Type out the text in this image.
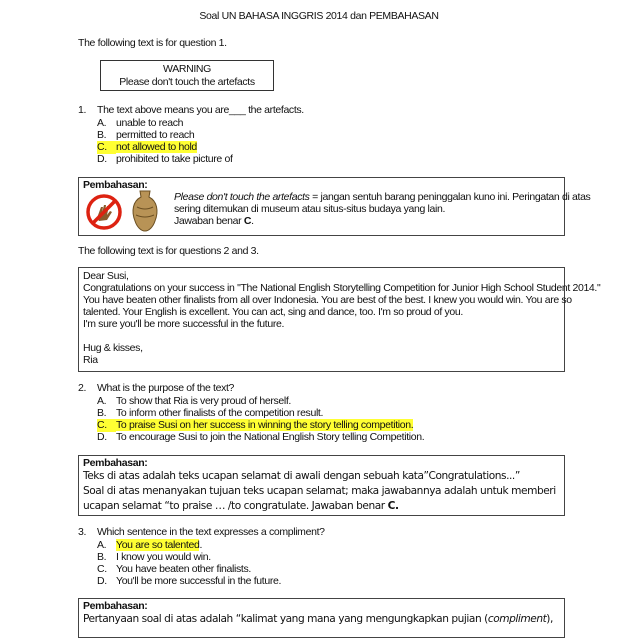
Soal UN BAHASA INGGRIS 2014 dan PEMBAHASAN
The following text is for question 1.
WARNING
Please don't touch the artefacts
1. The text above means you are___ the artefacts.
A. unable to reach
B. permitted to reach
C. not allowed to hold
D. prohibited to take picture of
Pembahasan:
Please don't touch the artefacts = jangan sentuh barang peninggalan kuno ini. Peringatan di atas
sering ditemukan di museum atau situs-situs budaya yang lain.
Jawaban benar C.
The following text is for questions 2 and 3.
Dear Susi,
Congratulations on your success in "The National English Storytelling Competition for Junior High School Student 2014."
You have beaten other finalists from all over Indonesia. You are best of the best. I knew you would win. You are so
talented. Your English is excellent. You can act, sing and dance, too. I'm so proud of you.
I'm sure you'll be more successful in the future.
Hug & kisses,
Ria
2. What is the purpose of the text?
A. To show that Ria is very proud of herself.
B. To inform other finalists of the competition result.
C. To praise Susi on her success in winning the story telling competition.
D. To encourage Susi to join the National English Story telling Competition.
Pembahasan:
Teks di atas adalah teks ucapan selamat di awali dengan sebuah kata”Congratulations...”
Soal di atas menanyakan tujuan teks ucapan selamat; maka jawabannya adalah untuk memberi
ucapan selamat “to praise … /to congratulate. Jawaban benar C.
3. Which sentence in the text expresses a compliment?
A. You are so talented.
B. I know you would win.
C. You have beaten other finalists.
D. You'll be more successful in the future.
Pembahasan:
Pertanyaan soal di atas adalah “kalimat yang mana yang mengungkapkan pujian (compliment),
